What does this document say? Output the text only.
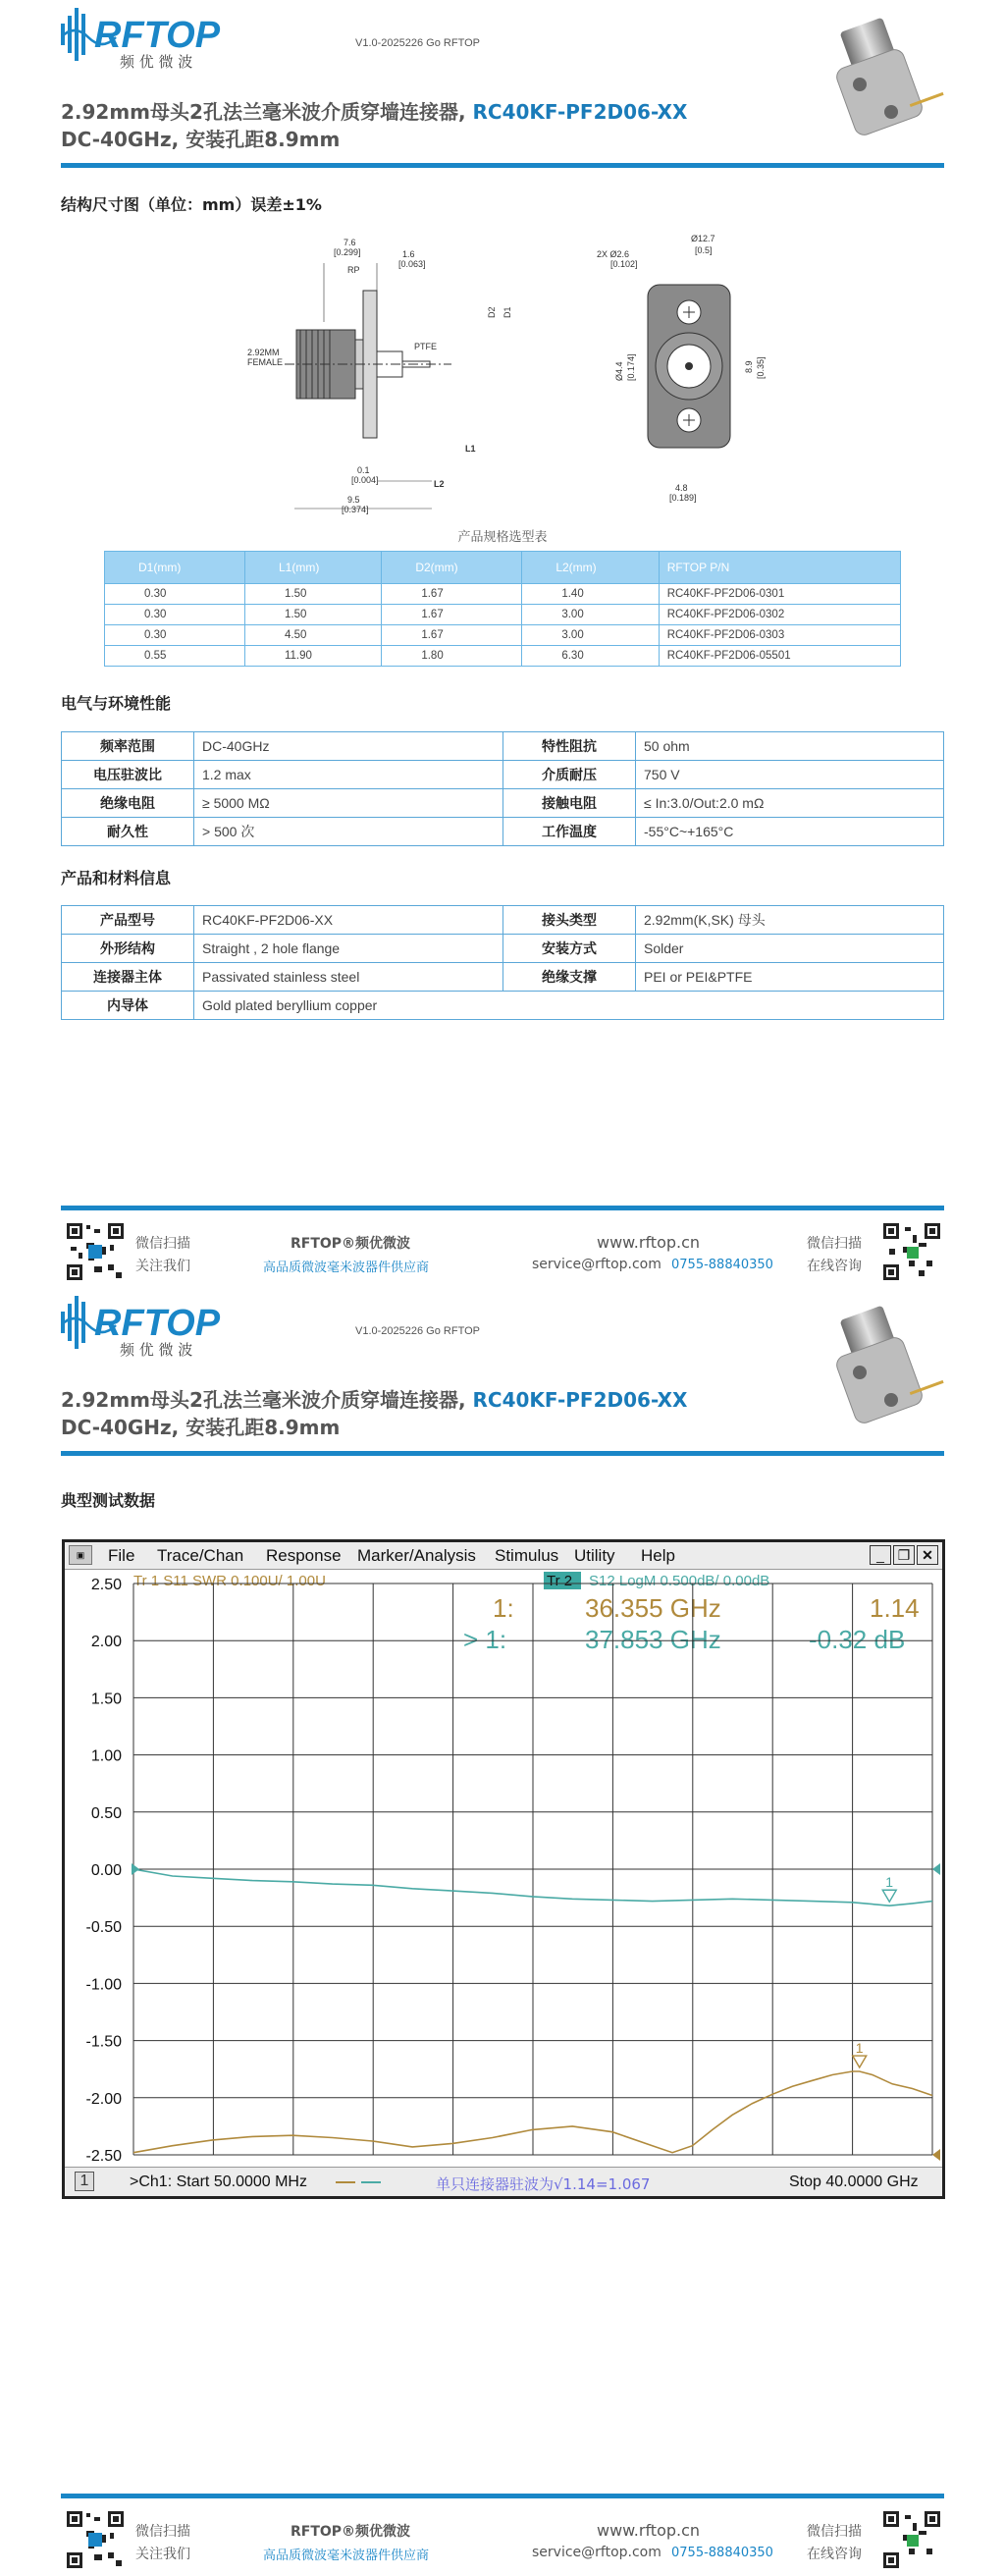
RFTOP
频 优 微 波
V1.0-2025226 Go RFTOP
2.92mm母头2孔法兰毫米波介质穿墙连接器, RC40KF-PF2D06-XX
DC-40GHz, 安装孔距8.9mm
结构尺寸图（单位：mm）误差±1%
7.6
[0.299]
RP
1.6
[0.063]
PTFE
D2 D1
2.92MM
FEMALE
L1
L2
0.1
[0.004]
9.5
[0.374]
2X Ø2.6
[0.102]
Ø12.7
[0.5]
Ø4.4 [0.174]	8.9 [0.35]
4.8
[0.189]
产品规格选型表
D1(mm)	L1(mm)	D2(mm)	L2(mm)	RFTOP P/N
0.30	1.50	1.67	1.40	RC40KF-PF2D06-0301
0.30	1.50	1.67	3.00	RC40KF-PF2D06-0302
0.30	4.50	1.67	3.00	RC40KF-PF2D06-0303
0.55	11.90	1.80	6.30	RC40KF-PF2D06-05501
电气与环境性能
频率范围	DC-40GHz	特性阻抗	50 ohm
电压驻波比	1.2 max	介质耐压	750 V
绝缘电阻	≥ 5000 MΩ	接触电阻	≤ In:3.0/Out:2.0 mΩ
耐久性	> 500 次	工作温度	-55°C~+165°C
产品和材料信息
产品型号	RC40KF-PF2D06-XX	接头类型	2.92mm(K,SK) 母头
外形结构	Straight , 2 hole flange	安装方式	Solder
连接器主体	Passivated stainless steel	绝缘支撑	PEI or PEI&PTFE
内导体	Gold plated beryllium copper		
微信扫描
关注我们
RFTOP®频优微波
高品质微波毫米波器件供应商
www.rftop.cn
service@rftop.com 0755-88840350
微信扫描
在线咨询
RFTOP
频 优 微 波
V1.0-2025226 Go RFTOP
2.92mm母头2孔法兰毫米波介质穿墙连接器, RC40KF-PF2D06-XX
DC-40GHz, 安装孔距8.9mm
典型测试数据
▣	File Trace/Chan Response Marker/Analysis Stimulus Utility Help	_ ❐ ✕
Tr 1 S11 SWR 0.100U/ 1.00U	Tr 2 S12 LogM 0.500dB/ 0.00dB
1:	36.355 GHz	1.14
> 1:	37.853 GHz	-0.32 dB
2.50
2.00
1.50
1.00
0.50
0.00
-0.50
-1.00
-1.50
-2.00
-2.50
1
1
1	>Ch1: Start 50.0000 MHz	单只连接器驻波为√1.14=1.067	Stop 40.0000 GHz
微信扫描
关注我们
RFTOP®频优微波
高品质微波毫米波器件供应商
www.rftop.cn
service@rftop.com 0755-88840350
微信扫描
在线咨询
